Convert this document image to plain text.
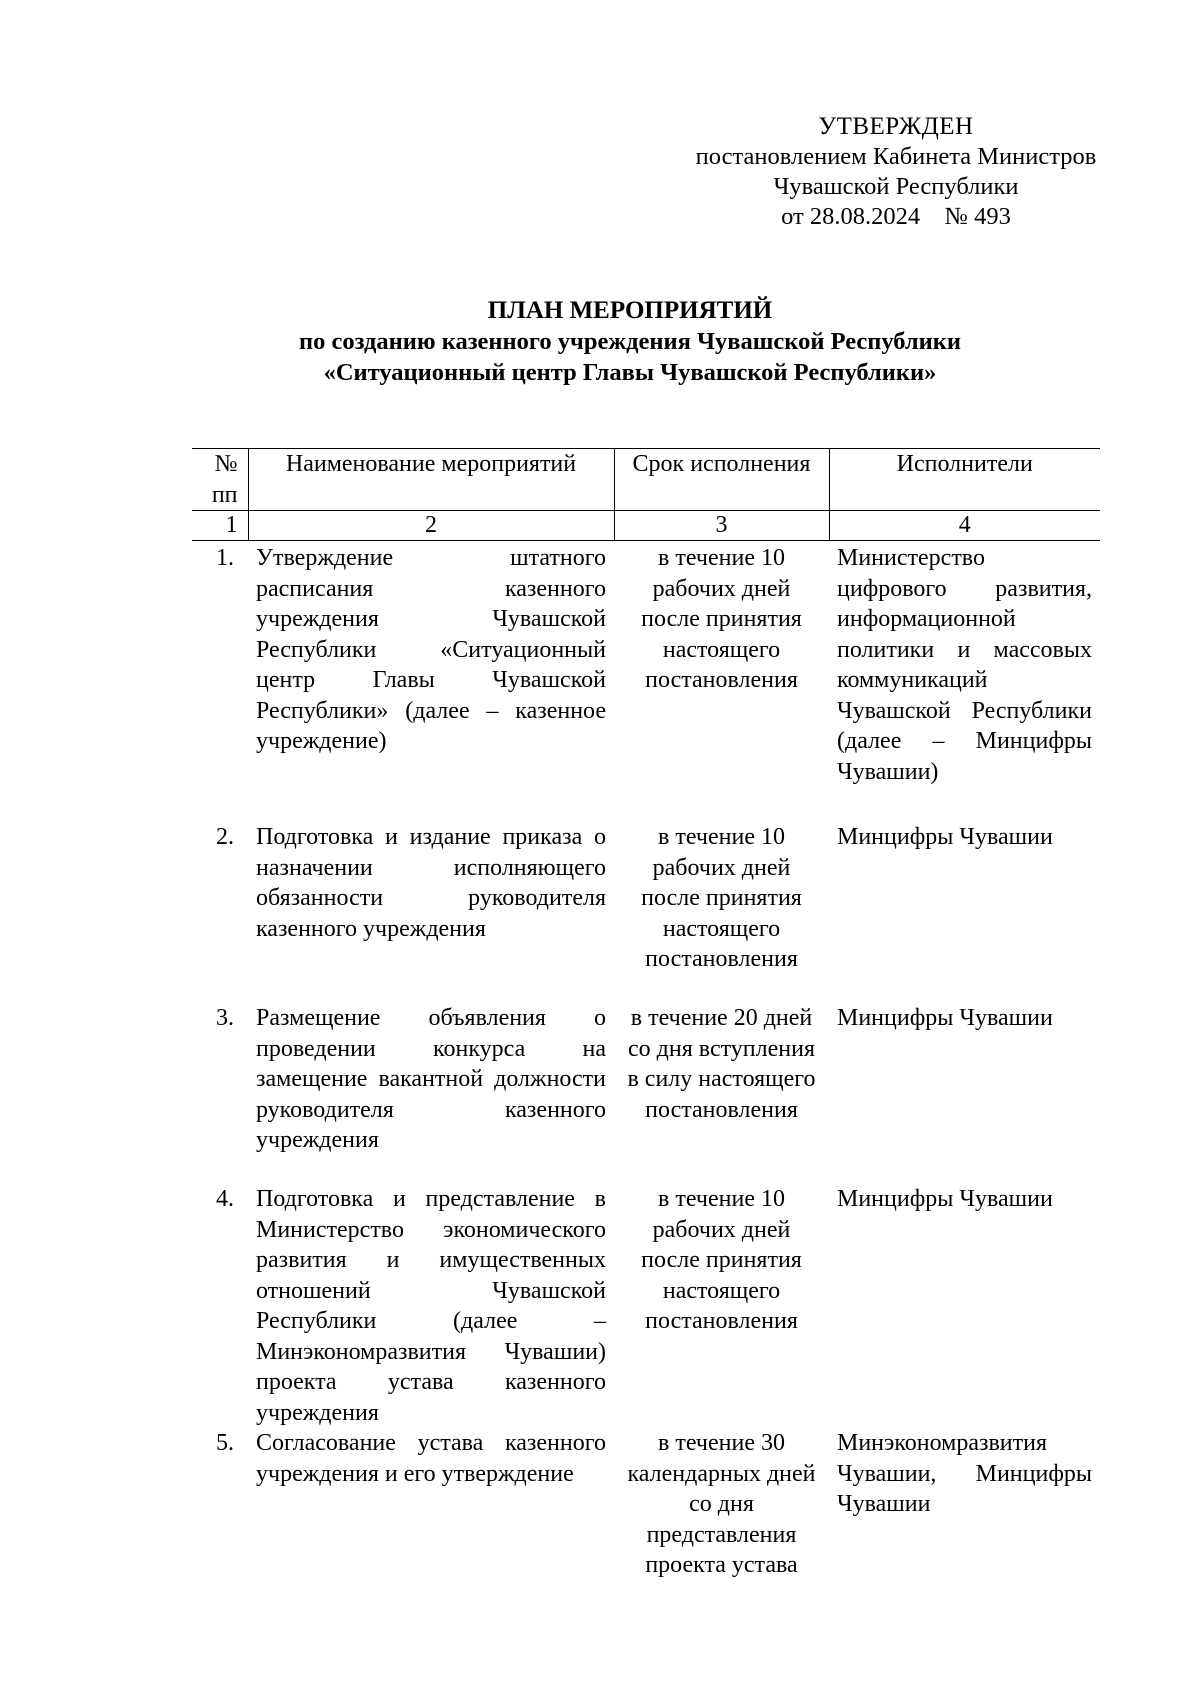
УТВЕРЖДЕН
постановлением Кабинета Министров
Чувашской Республики
от 28.08.2024    № 493
ПЛАН МЕРОПРИЯТИЙ
по созданию казенного учреждения Чувашской Республики
«Ситуационный центр Главы Чувашской Республики»
№
пп	Наименование мероприятий	Срок исполнения	Исполнители
1	2	3	4
1.	Утверждение штатного расписания казенного учреждения Чувашской Республики «Ситуационный центр Главы Чувашской Республики» (далее – казенное учреждение)	в течение 10 рабочих дней после принятия настоящего постановления	Министерство цифрового развития, информационной политики и массовых коммуникаций Чувашской Республики (далее – Минцифры Чувашии)
2.	Подготовка и издание приказа о назначении исполняющего обязанности руководителя казенного учреждения	в течение 10 рабочих дней после принятия настоящего постановления	Минцифры Чувашии
3.	Размещение объявления о проведении конкурса на замещение вакантной должности руководителя казенного учреждения	в течение 20 дней со дня вступления в силу настоящего постановления	Минцифры Чувашии
4.	Подготовка и представление в Министерство экономического развития и имущественных отношений Чувашской Республики (далее – Минэкономразвития Чувашии) проекта устава казенного учреждения	в течение 10 рабочих дней после принятия настоящего постановления	Минцифры Чувашии
5.	Согласование устава казенного учреждения и его утверждение	в течение 30 календарных дней со дня представления проекта устава	Минэкономразвития Чувашии, Минцифры Чувашии
